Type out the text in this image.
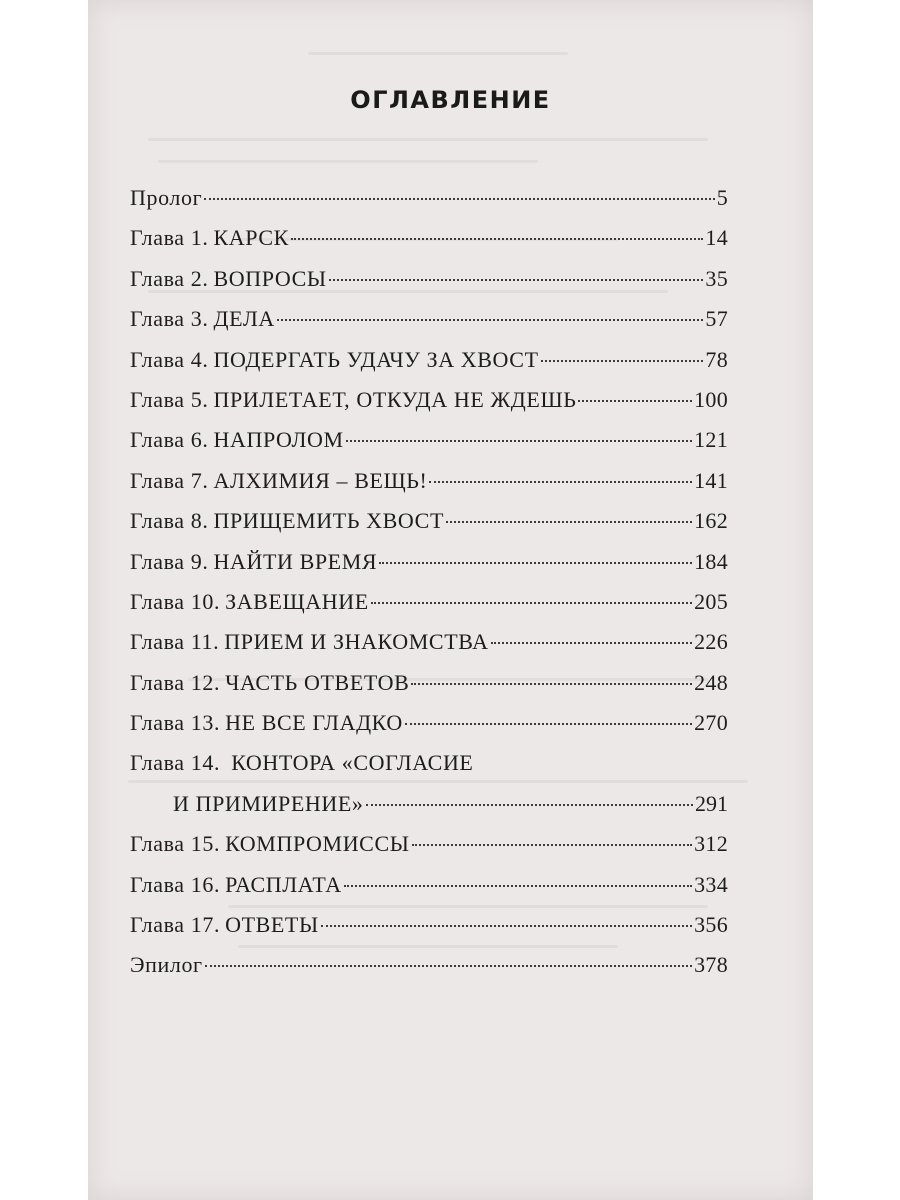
ОГЛАВЛЕНИЕ
Пролог	5
Глава 1. КАРСК	14
Глава 2. ВОПРОСЫ	35
Глава 3. ДЕЛА	57
Глава 4. ПОДЕРГАТЬ УДАЧУ ЗА ХВОСТ	78
Глава 5. ПРИЛЕТАЕТ, ОТКУДА НЕ ЖДЕШЬ	100
Глава 6. НАПРОЛОМ	121
Глава 7. АЛХИМИЯ – ВЕЩЬ!	141
Глава 8. ПРИЩЕМИТЬ ХВОСТ	162
Глава 9. НАЙТИ ВРЕМЯ	184
Глава 10. ЗАВЕЩАНИЕ	205
Глава 11. ПРИЕМ И ЗНАКОМСТВА	226
Глава 12. ЧАСТЬ ОТВЕТОВ	248
Глава 13. НЕ ВСЕ ГЛАДКО	270
Глава 14. КОНТОРА «СОГЛАСИЕ
И ПРИМИРЕНИЕ»	291
Глава 15. КОМПРОМИССЫ	312
Глава 16. РАСПЛАТА	334
Глава 17. ОТВЕТЫ	356
Эпилог	378
